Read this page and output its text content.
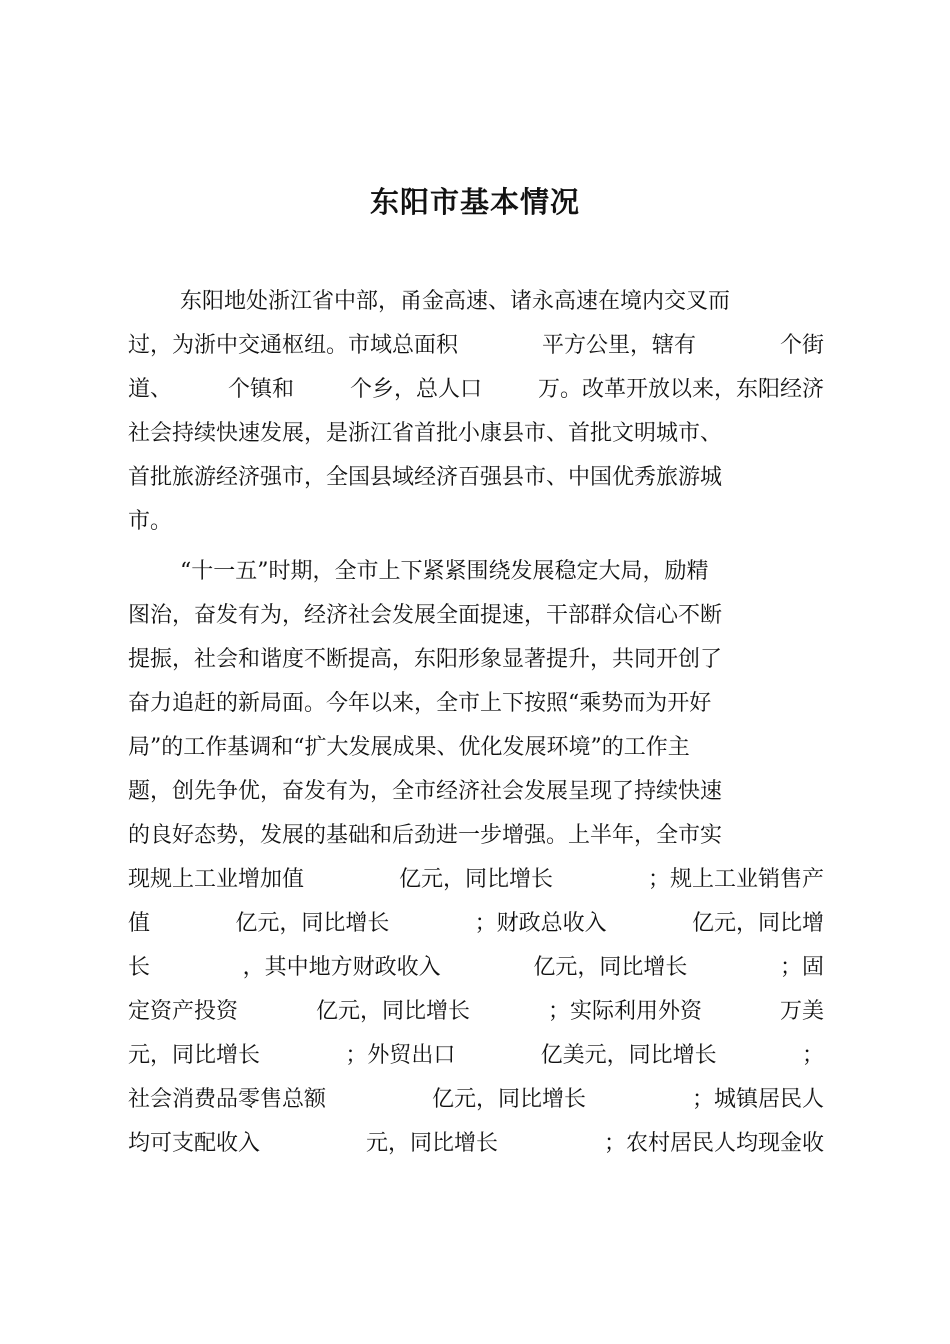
东阳市基本情况
东阳地处浙江省中部，甬金高速、诸永高速在境内交叉而
过，为浙中交通枢纽。市域总面积	平方公里，辖有	个街
道、	个镇和	个乡，总人口	万。改革开放以来，东阳经济
社会持续快速发展，是浙江省首批小康县市、首批文明城市、
首批旅游经济强市，全国县域经济百强县市、中国优秀旅游城
市。
“十一五”时期，全市上下紧紧围绕发展稳定大局，励精
图治，奋发有为，经济社会发展全面提速，干部群众信心不断
提振，社会和谐度不断提高，东阳形象显著提升，共同开创了
奋力追赶的新局面。今年以来，全市上下按照“乘势而为开好
局”的工作基调和“扩大发展成果、优化发展环境”的工作主
题，创先争优，奋发有为，全市经济社会发展呈现了持续快速
的良好态势，发展的基础和后劲进一步增强。上半年，全市实
现规上工业增加值	亿元，同比增长	；规上工业销售产
值	亿元，同比增长	；财政总收入	亿元，同比增
长	，其中地方财政收入	亿元，同比增长	；固
定资产投资	亿元，同比增长	；实际利用外资	万美
元，同比增长	；外贸出口	亿美元，同比增长	；
社会消费品零售总额	亿元，同比增长	；城镇居民人
均可支配收入	元，同比增长	；农村居民人均现金收
